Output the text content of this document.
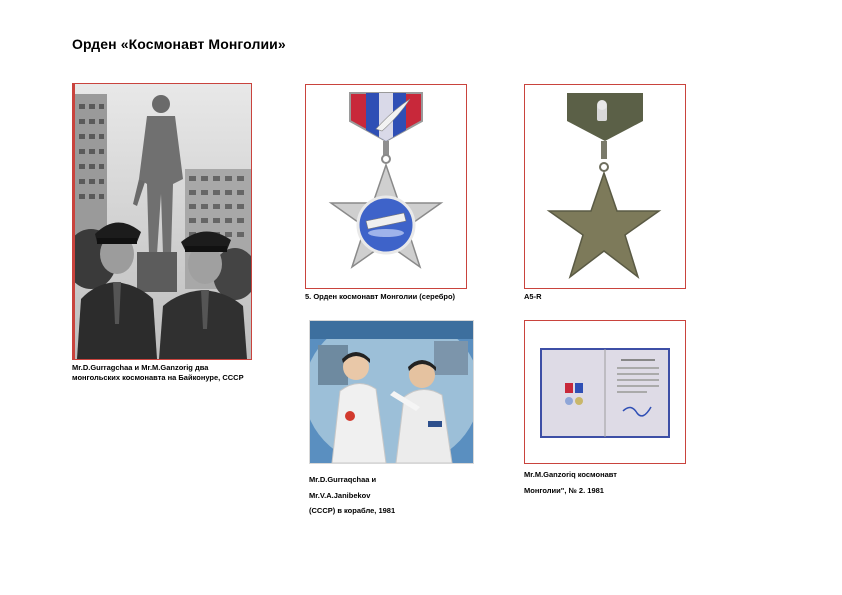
Орден «Космонавт Монголии»
Mr.D.Gurragchaa и Mr.M.Ganzorig два
монгольских космонавта на Байконуре, СССР
5. Орден космонавт Монголии (серебро)	A5-R
Mr.D.Gurraqchaa и
Mr.V.A.Janibekov
(СССР) в корабле, 1981
Mr.M.Ganzoriq космонавт
Монголии", № 2. 1981
